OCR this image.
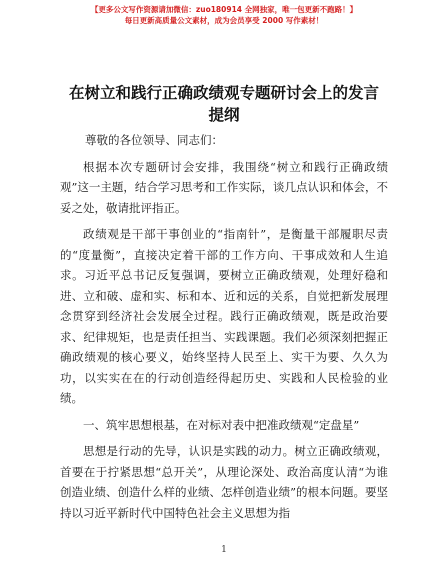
【更多公文写作资源请加微信：zuo180914 全网独家，唯一包更新不跑路！】
每日更新高质量公文素材，成为会员享受 2000 写作素材！
在树立和践行正确政绩观专题研讨会上的发言
提纲
尊敬的各位领导、同志们：

根据本次专题研讨会安排，我围绕“树立和践行正确政绩观”这一主题，结合学习思考和工作实际，谈几点认识和体会，不妥之处，敬请批评指正。

政绩观是干部干事创业的“指南针”，是衡量干部履职尽责的“度量衡”，直接决定着干部的工作方向、干事成效和人生追求。习近平总书记反复强调，要树立正确政绩观，处理好稳和进、立和破、虚和实、标和本、近和远的关系，自觉把新发展理念贯穿到经济社会发展全过程。践行正确政绩观，既是政治要求、纪律规矩，也是责任担当、实践课题。我们必须深刻把握正确政绩观的核心要义，始终坚持人民至上、实干为要、久久为功，以实实在在的行动创造经得起历史、实践和人民检验的业绩。

一、筑牢思想根基，在对标对表中把准政绩观“定盘星”

思想是行动的先导，认识是实践的动力。树立正确政绩观，首要在于拧紧思想“总开关”，从理论深处、政治高度认清“为谁创造业绩、创造什么样的业绩、怎样创造业绩”的根本问题。要坚持以习近平新时代中国特色社会主义思想为指

1
